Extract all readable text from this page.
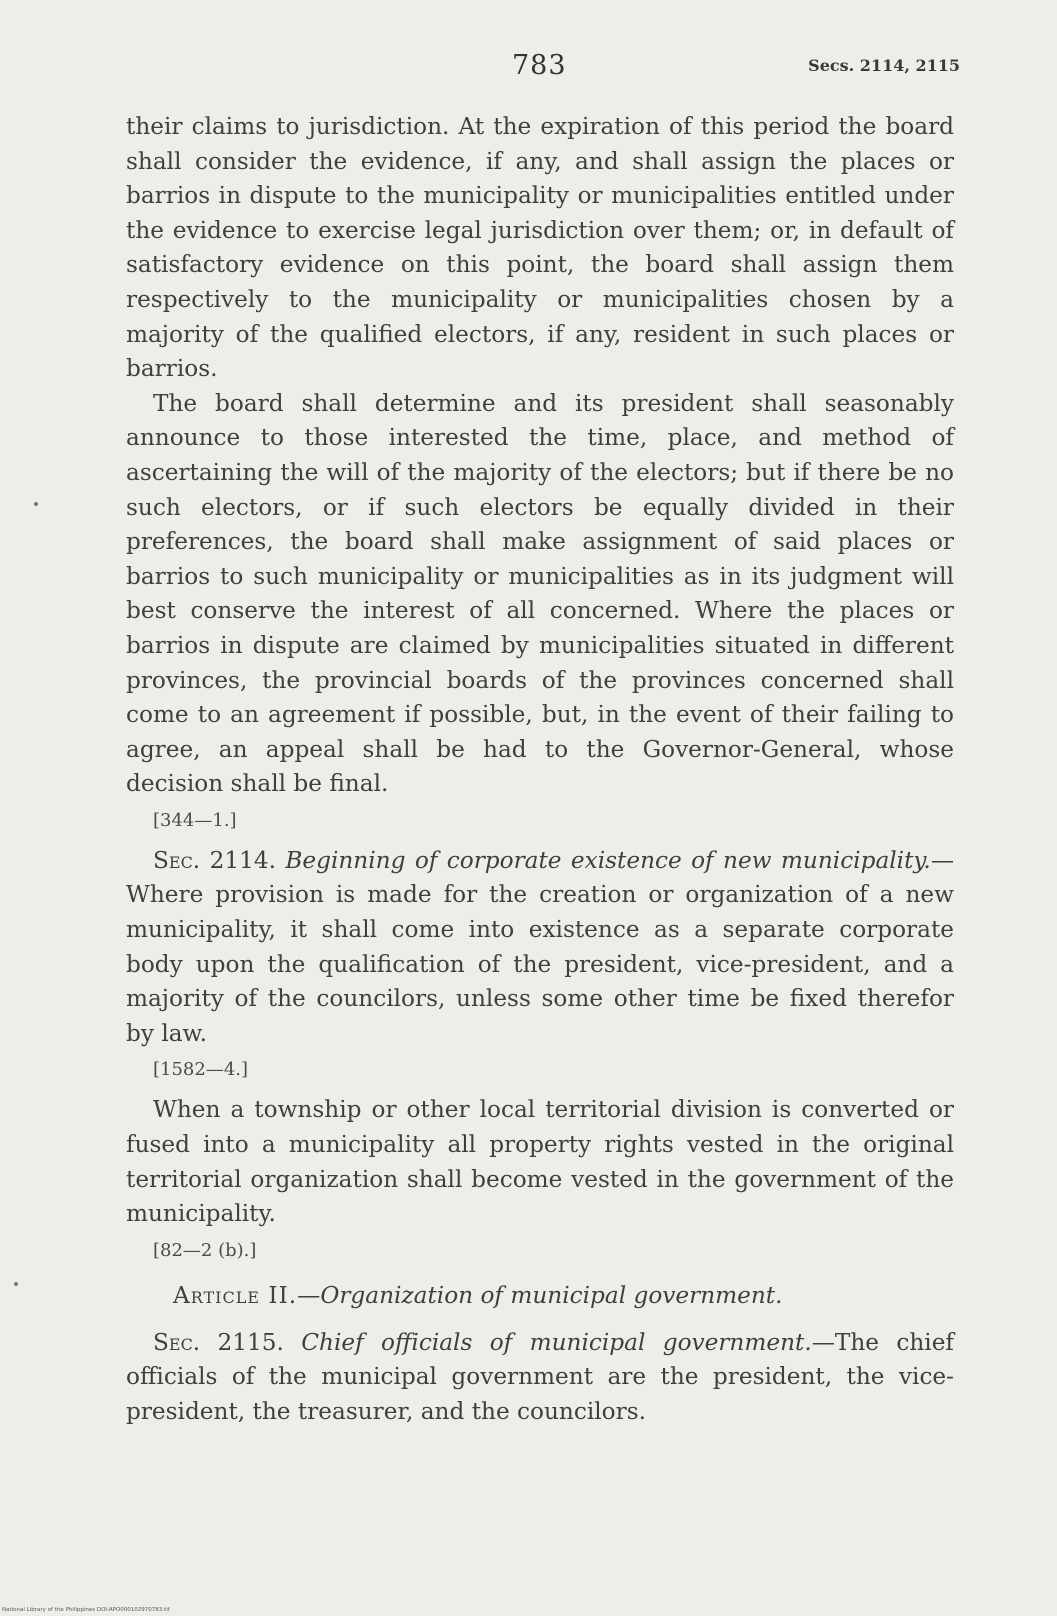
783	Secs. 2114, 2115

their claims to jurisdiction. At the expiration of this period the board shall consider the evidence, if any, and shall assign the places or barrios in dispute to the municipality or municipalities entitled under the evidence to exercise legal jurisdiction over them; or, in default of satisfactory evidence on this point, the board shall assign them respectively to the municipality or municipalities chosen by a majority of the qualified electors, if any, resident in such places or barrios.

The board shall determine and its president shall seasonably announce to those interested the time, place, and method of ascertaining the will of the majority of the electors; but if there be no such electors, or if such electors be equally divided in their preferences, the board shall make assignment of said places or barrios to such municipality or municipalities as in its judgment will best conserve the interest of all concerned. Where the places or barrios in dispute are claimed by municipalities situated in different provinces, the provincial boards of the provinces concerned shall come to an agreement if possible, but, in the event of their failing to agree, an appeal shall be had to the Governor-General, whose decision shall be final.

[344—1.]

Sec. 2114. Beginning of corporate existence of new municipality.—Where provision is made for the creation or organization of a new municipality, it shall come into existence as a separate corporate body upon the qualification of the president, vice-president, and a majority of the councilors, unless some other time be fixed therefor by law.

[1582—4.]

When a township or other local territorial division is converted or fused into a municipality all property rights vested in the original territorial organization shall become vested in the government of the municipality.

[82—2 (b).]

Article II.—Organization of municipal government.

Sec. 2115. Chief officials of municipal government.—The chief officials of the municipal government are the president, the vice-president, the treasurer, and the councilors.

National Library of the Philippines DOI:APO000102970783.tif
